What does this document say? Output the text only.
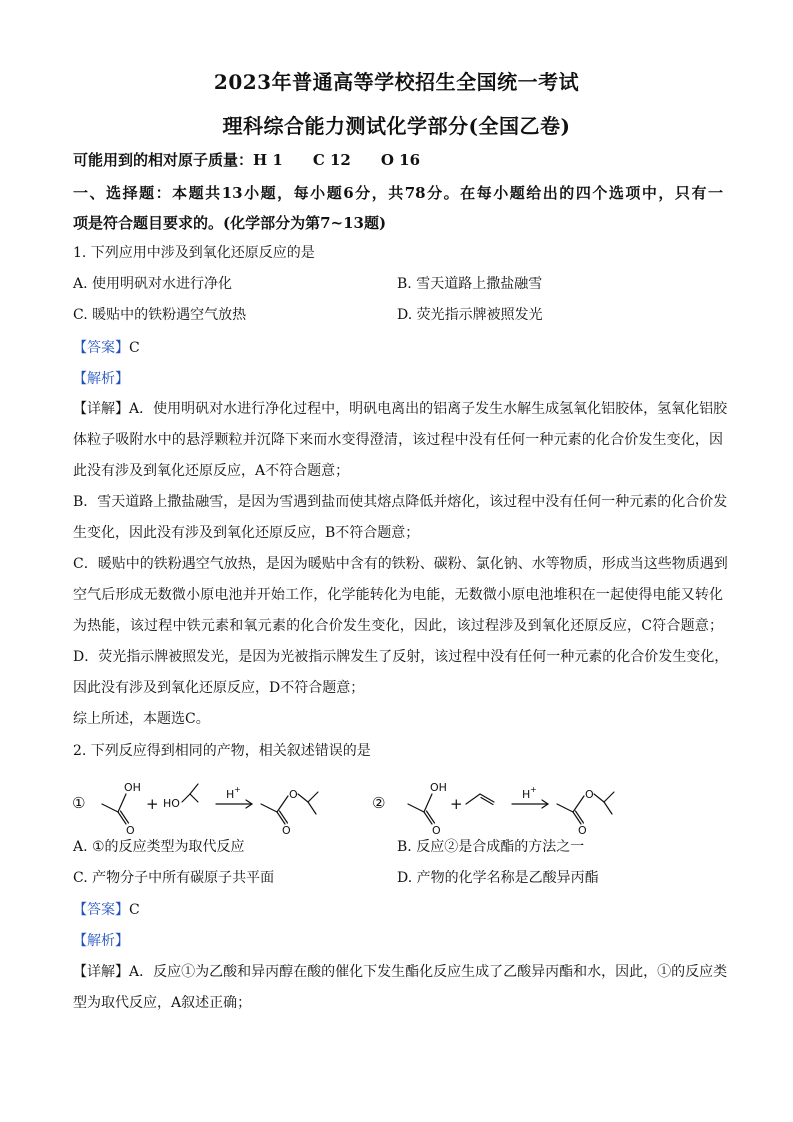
2023年普通高等学校招生全国统一考试
理科综合能力测试化学部分(全国乙卷)
可能用到的相对原子质量：H 1　　C 12　　O 16
一、选择题：本题共13小题，每小题6分，共78分。在每小题给出的四个选项中，只有一
项是符合题目要求的。(化学部分为第7~13题)
1. 下列应用中涉及到氧化还原反应的是
A. 使用明矾对水进行净化	B. 雪天道路上撒盐融雪
C. 暖贴中的铁粉遇空气放热	D. 荧光指示牌被照发光
【答案】C
【解析】
【详解】A．使用明矾对水进行净化过程中，明矾电离出的铝离子发生水解生成氢氧化铝胶体，氢氧化铝胶
体粒子吸附水中的悬浮颗粒并沉降下来而水变得澄清，该过程中没有任何一种元素的化合价发生变化，因
此没有涉及到氧化还原反应，A不符合题意；
B．雪天道路上撒盐融雪，是因为雪遇到盐而使其熔点降低并熔化，该过程中没有任何一种元素的化合价发
生变化，因此没有涉及到氧化还原反应，B不符合题意；
C．暖贴中的铁粉遇空气放热，是因为暖贴中含有的铁粉、碳粉、氯化钠、水等物质，形成当这些物质遇到
空气后形成无数微小原电池并开始工作，化学能转化为电能，无数微小原电池堆积在一起使得电能又转化
为热能，该过程中铁元素和氧元素的化合价发生变化，因此，该过程涉及到氧化还原反应，C符合题意；
D．荧光指示牌被照发光，是因为光被指示牌发生了反射，该过程中没有任何一种元素的化合价发生变化，
因此没有涉及到氧化还原反应，D不符合题意；
综上所述，本题选C。
2. 下列反应得到相同的产物，相关叙述错误的是
①
OH
O
+ HO
H +	O
O
②
OH
O
+
H +	O
O
A. ①的反应类型为取代反应	B. 反应②是合成酯的方法之一
C. 产物分子中所有碳原子共平面	D. 产物的化学名称是乙酸异丙酯
【答案】C
【解析】
【详解】A．反应①为乙酸和异丙醇在酸的催化下发生酯化反应生成了乙酸异丙酯和水，因此，①的反应类
型为取代反应，A叙述正确；
